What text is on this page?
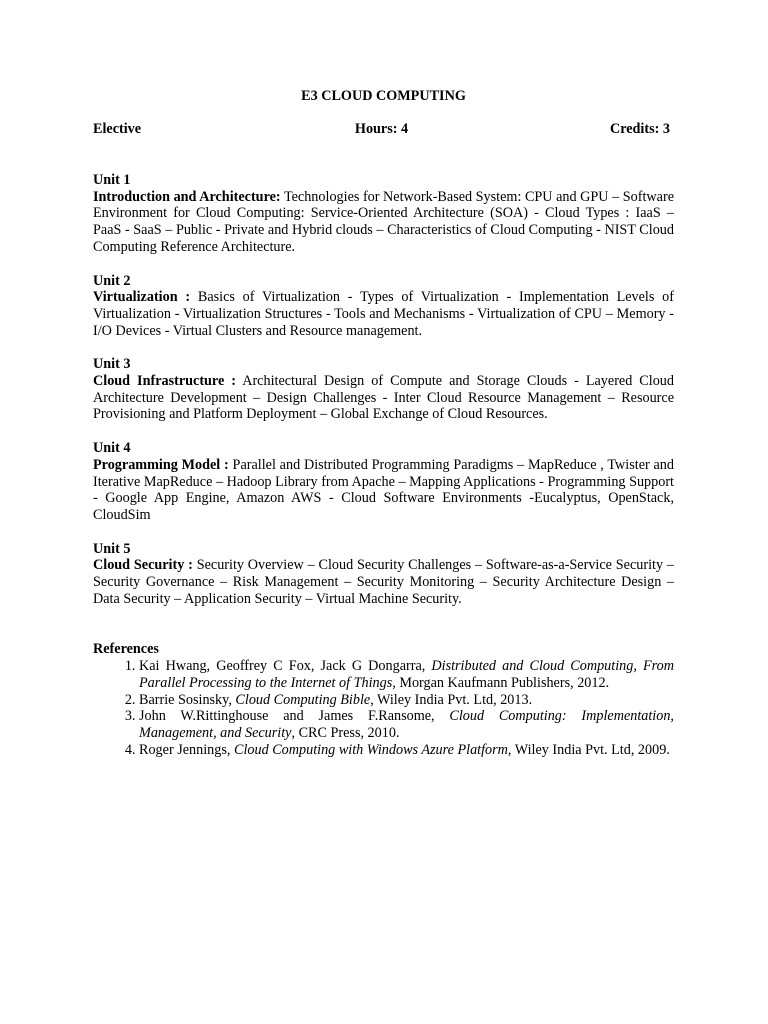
E3 CLOUD COMPUTING

Elective	Hours: 4	Credits: 3
Unit 1

Introduction and Architecture: Technologies for Network-Based System: CPU and GPU – Software Environment for Cloud Computing: Service-Oriented Architecture (SOA) - Cloud Types : IaaS – PaaS - SaaS – Public - Private and Hybrid clouds – Characteristics of Cloud Computing - NIST Cloud Computing Reference Architecture.

Unit 2

Virtualization : Basics of Virtualization - Types of Virtualization - Implementation Levels of Virtualization - Virtualization Structures - Tools and Mechanisms - Virtualization of CPU – Memory - I/O Devices - Virtual Clusters and Resource management.

Unit 3

Cloud Infrastructure : Architectural Design of Compute and Storage Clouds - Layered Cloud Architecture Development – Design Challenges - Inter Cloud Resource Management – Resource Provisioning and Platform Deployment – Global Exchange of Cloud Resources.

Unit 4

Programming Model : Parallel and Distributed Programming Paradigms – MapReduce , Twister and Iterative MapReduce – Hadoop Library from Apache – Mapping Applications - Programming Support - Google App Engine, Amazon AWS - Cloud Software Environments -Eucalyptus, OpenStack, CloudSim

Unit 5

Cloud Security : Security Overview – Cloud Security Challenges – Software-as-a-Service Security – Security Governance – Risk Management – Security Monitoring – Security Architecture Design – Data Security – Application Security – Virtual Machine Security.

References
1. Kai Hwang, Geoffrey C Fox, Jack G Dongarra, Distributed and Cloud Computing, From Parallel Processing to the Internet of Things, Morgan Kaufmann Publishers, 2012.
2. Barrie Sosinsky, Cloud Computing Bible, Wiley India Pvt. Ltd, 2013.
3. John W.Rittinghouse and James F.Ransome, Cloud Computing: Implementation, Management, and Security, CRC Press, 2010.
4. Roger Jennings, Cloud Computing with Windows Azure Platform, Wiley India Pvt. Ltd, 2009.
